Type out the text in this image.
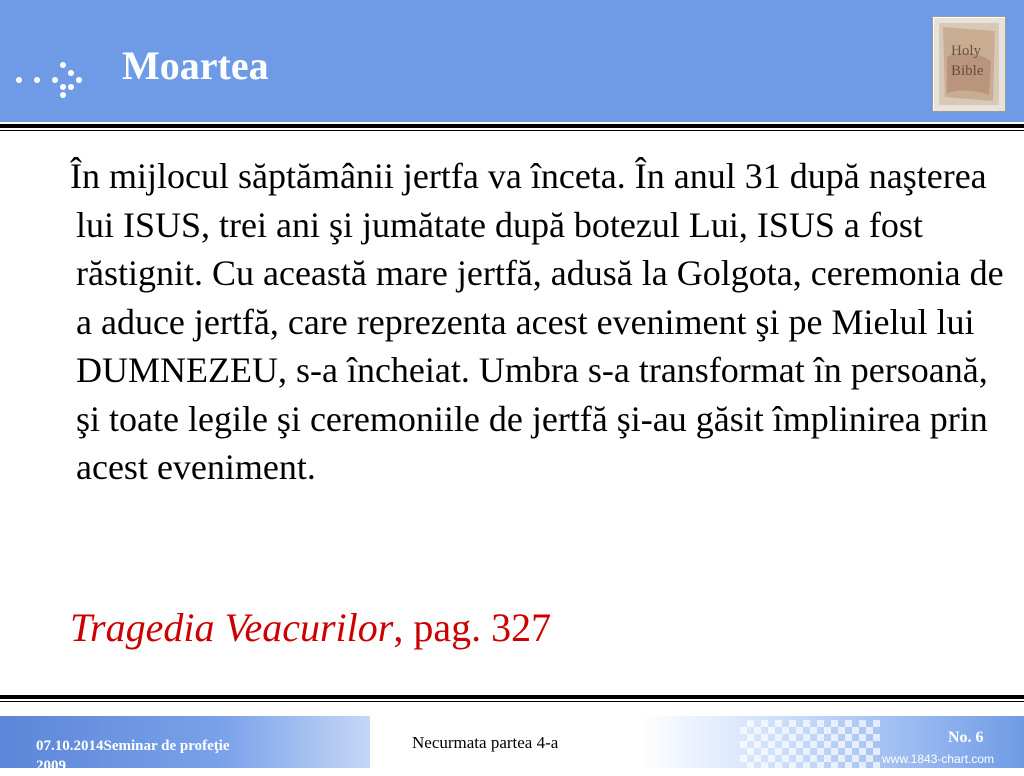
Moartea	Holy
Bible
În mijlocul săptămânii jertfa va înceta. În anul 31 după naşterea lui ISUS, trei ani şi jumătate după botezul Lui, ISUS a fost răstignit. Cu această mare jertfă, adusă la Golgota, ceremonia de a aduce jertfă, care reprezenta acest eveniment şi pe Mielul lui DUMNEZEU, s-a încheiat. Umbra s-a transformat în persoană, şi toate legile şi ceremoniile de jertfă şi-au găsit împlinirea prin acest eveniment.
Tragedia Veacurilor, pag. 327
07.10.2014Seminar de profeţie
2009
Necurmata partea 4-a	No. 6
www.1843-chart.com
